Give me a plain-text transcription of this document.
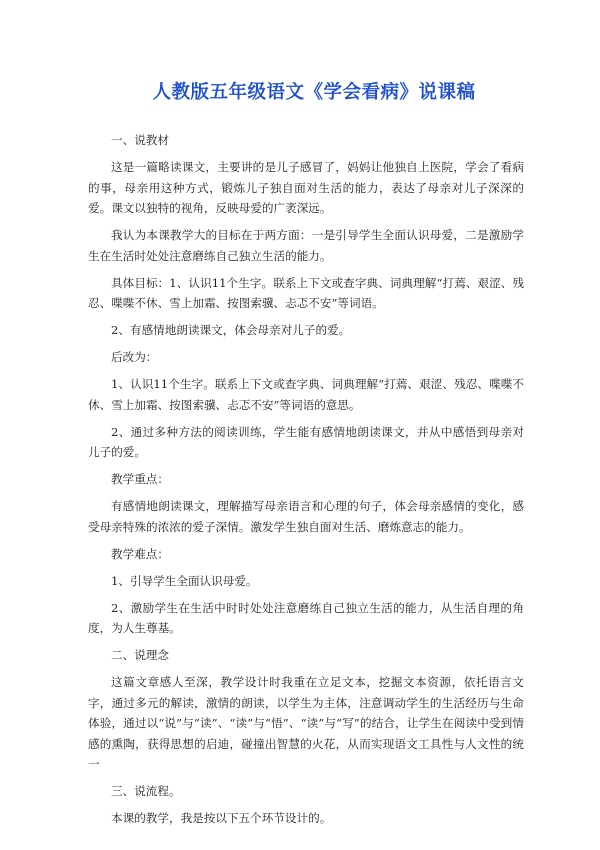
人教版五年级语文《学会看病》说课稿

一、说教材

这是一篇略读课文，主要讲的是儿子感冒了，妈妈让他独自上医院，学会了看病的事，母亲用这种方式，锻炼儿子独自面对生活的能力，表达了母亲对儿子深深的爱。课文以独特的视角，反映母爱的广袤深远。

我认为本课教学大的目标在于两方面：一是引导学生全面认识母爱，二是激励学生在生活时处处注意磨练自己独立生活的能力。

具体目标：1、认识11个生字。联系上下文或查字典、词典理解“打蔫、艰涩、残忍、喋喋不休、雪上加霜、按图索骥、忐忑不安”等词语。

2、有感情地朗读课文，体会母亲对儿子的爱。

后改为：

1、认识11个生字。联系上下文或查字典、词典理解“打蔫、艰涩、残忍、喋喋不休、雪上加霜、按图索骥、忐忑不安”等词语的意思。

2、通过多种方法的阅读训练，学生能有感情地朗读课文，并从中感悟到母亲对儿子的爱。

教学重点：

有感情地朗读课文，理解描写母亲语言和心理的句子，体会母亲感情的变化，感受母亲特殊的浓浓的爱子深情。激发学生独自面对生活、磨炼意志的能力。

教学难点：

1、引导学生全面认识母爱。

2、激励学生在生活中时时处处注意磨练自己独立生活的能力，从生活自理的角度，为人生尊基。

二、说理念

这篇文章感人至深，教学设计时我重在立足文本，挖掘文本资源，依托语言文字，通过多元的解读，激情的朗读，以学生为主体，注意调动学生的生活经历与生命体验，通过以“说”与“读”、“读”与“悟”、“读”与“写”的结合，让学生在阅读中受到情感的熏陶，获得思想的启迪，碰撞出智慧的火花，从而实现语文工具性与人文性的统一

三、说流程。

本课的教学，我是按以下五个环节设计的。
